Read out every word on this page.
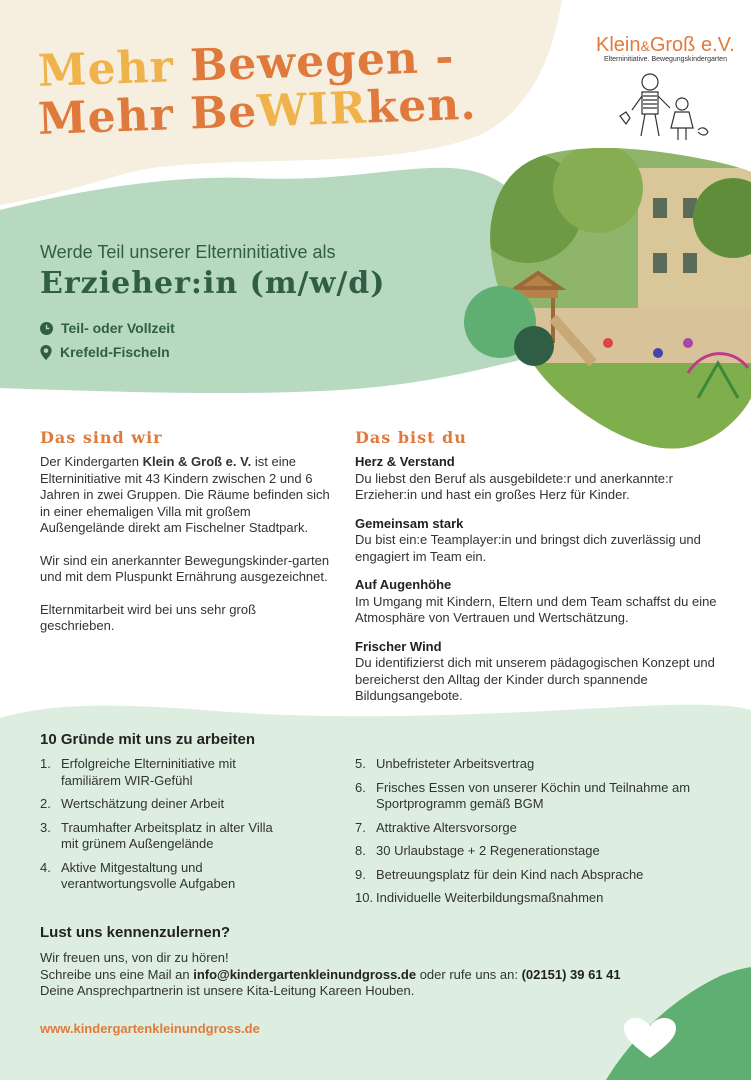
Mehr Bewegen -
Mehr BeWIRken.
Klein&Groß e.V.
Elterninitiative. Bewegungskindergarten
Werde Teil unserer Elterninitiative als
Erzieher:in (m/w/d)
Teil- oder Vollzeit
Krefeld-Fischeln
Das sind wir	Das bist du

Der Kindergarten Klein & Groß e. V. ist eine Elterninitiative mit 43 Kindern zwischen 2 und 6 Jahren in zwei Gruppen. Die Räume befinden sich in einer ehemaligen Villa mit großem Außengelände direkt am Fischelner Stadtpark.

Wir sind ein anerkannter Bewegungskinder-garten und mit dem Pluspunkt Ernährung ausgezeichnet.

Elternmitarbeit wird bei uns sehr groß geschrieben.

Herz & Verstand
Du liebst den Beruf als ausgebildete:r und anerkannte:r Erzieher:in und hast ein großes Herz für Kinder.
Gemeinsam stark
Du bist ein:e Teamplayer:in und bringst dich zuverlässig und engagiert im Team ein.
Auf Augenhöhe
Im Umgang mit Kindern, Eltern und dem Team schaffst du eine Atmosphäre von Vertrauen und Wertschätzung.
Frischer Wind
Du identifizierst dich mit unserem pädagogischen Konzept und bereicherst den Alltag der Kinder durch spannende Bildungsangebote.
10 Gründe mit uns zu arbeiten
1. Erfolgreiche Elterninitiative mit familiärem WIR-Gefühl
2. Wertschätzung deiner Arbeit
3. Traumhafter Arbeitsplatz in alter Villa mit grünem Außengelände
4. Aktive Mitgestaltung und verantwortungsvolle Aufgaben
5. Unbefristeter Arbeitsvertrag
6. Frisches Essen von unserer Köchin und Teilnahme am Sportprogramm gemäß BGM
7. Attraktive Altersvorsorge
8. 30 Urlaubstage + 2 Regenerationstage
9. Betreuungsplatz für dein Kind nach Absprache
10. Individuelle Weiterbildungsmaßnahmen
Lust uns kennenzulernen?
Wir freuen uns, von dir zu hören!
Schreibe uns eine Mail an info@kindergartenkleinundgross.de oder rufe uns an: (02151) 39 61 41
Deine Ansprechpartnerin ist unsere Kita-Leitung Kareen Houben.
www.kindergartenkleinundgross.de
